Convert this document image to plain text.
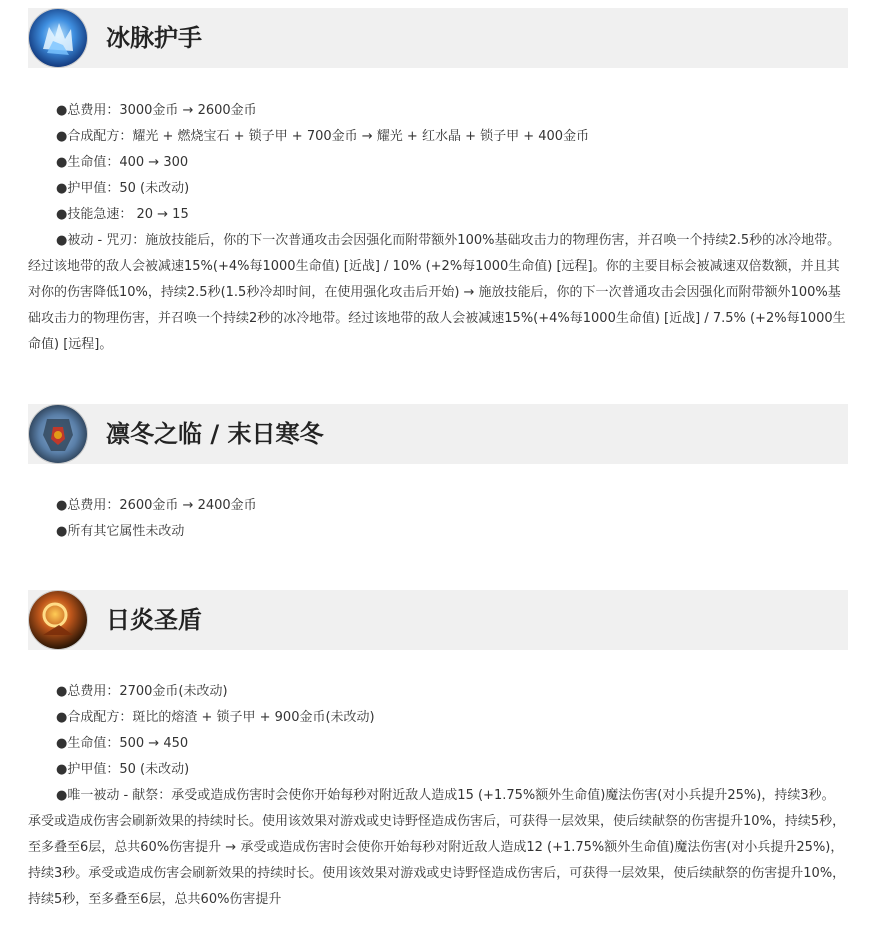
冰脉护手
●总费用：3000金币 → 2600金币
●合成配方：耀光 + 燃烧宝石 + 锁子甲 + 700金币 → 耀光 + 红水晶 + 锁子甲 + 400金币
●生命值：400 → 300
●护甲值：50 (未改动)
●技能急速： 20 → 15
●被动 - 咒刃：施放技能后，你的下一次普通攻击会因强化而附带额外100%基础攻击力的物理伤害，并召唤一个持续2.5秒的冰冷地带。经过该地带的敌人会被减速15%(+4%每1000生命值) [近战] / 10% (+2%每1000生命值) [远程]。你的主要目标会被减速双倍数额，并且其对你的伤害降低10%，持续2.5秒(1.5秒冷却时间，在使用强化攻击后开始) → 施放技能后，你的下一次普通攻击会因强化而附带额外100%基础攻击力的物理伤害，并召唤一个持续2秒的冰冷地带。经过该地带的敌人会被减速15%(+4%每1000生命值) [近战] / 7.5% (+2%每1000生命值) [远程]。
凛冬之临 / 末日寒冬
●总费用：2600金币 → 2400金币
●所有其它属性未改动
日炎圣盾
●总费用：2700金币(未改动)
●合成配方：斑比的熔渣 + 锁子甲 + 900金币(未改动)
●生命值：500 → 450
●护甲值：50 (未改动)
●唯一被动 - 献祭：承受或造成伤害时会使你开始每秒对附近敌人造成15 (+1.75%额外生命值)魔法伤害(对小兵提升25%)，持续3秒。承受或造成伤害会刷新效果的持续时长。使用该效果对游戏或史诗野怪造成伤害后，可获得一层效果，使后续献祭的伤害提升10%，持续5秒，至多叠至6层，总共60%伤害提升 → 承受或造成伤害时会使你开始每秒对附近敌人造成12 (+1.75%额外生命值)魔法伤害(对小兵提升25%)，持续3秒。承受或造成伤害会刷新效果的持续时长。使用该效果对游戏或史诗野怪造成伤害后，可获得一层效果，使后续献祭的伤害提升10%，持续5秒，至多叠至6层，总共60%伤害提升
